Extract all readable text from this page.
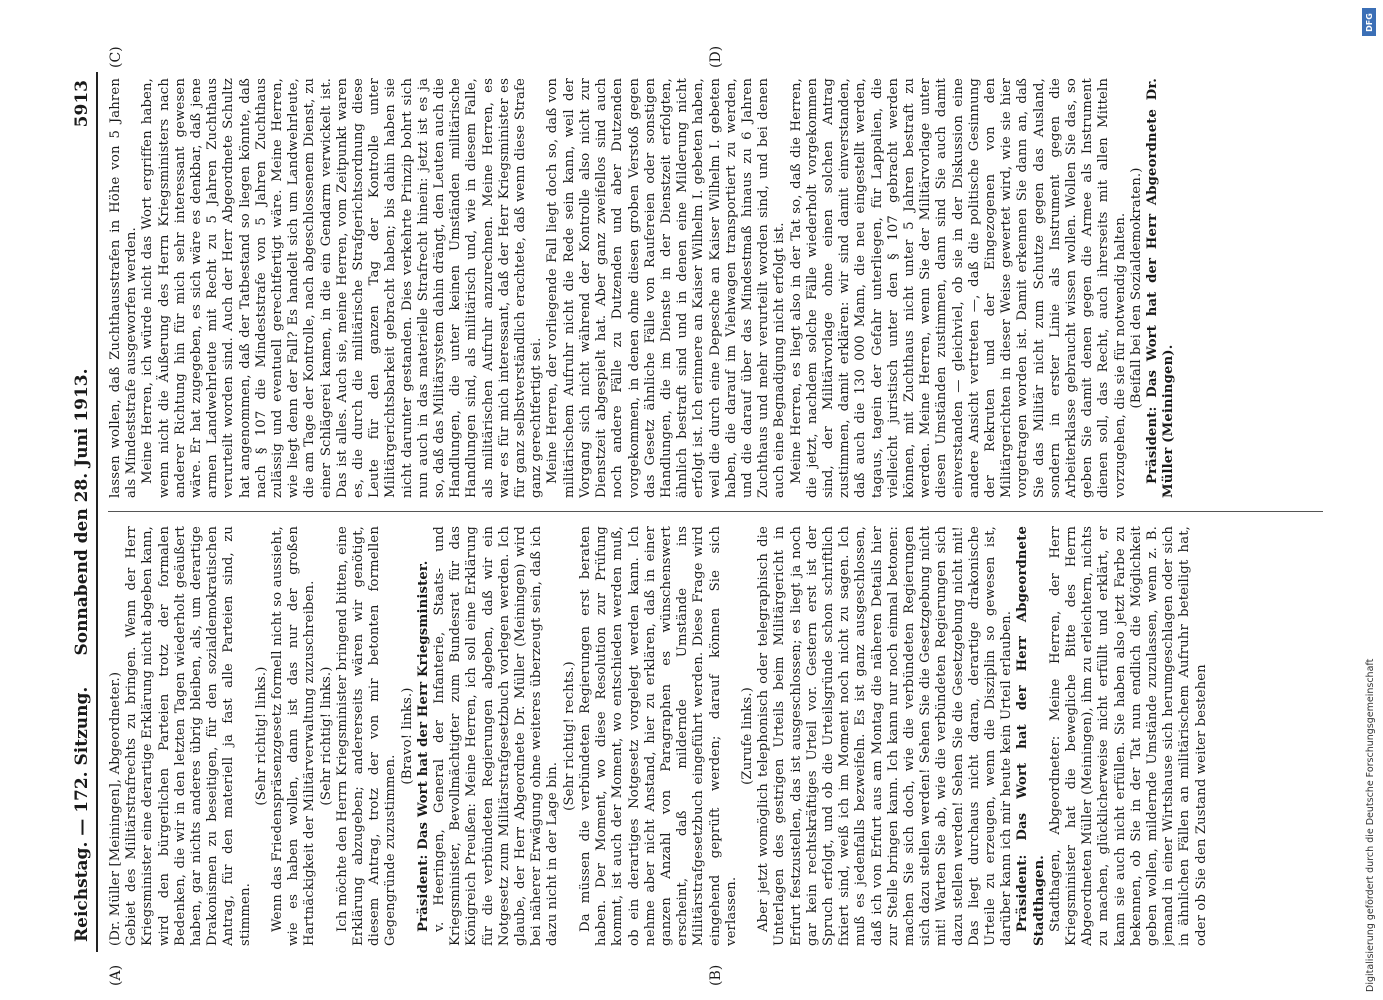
Reichstag. — 172. Sitzung.
Sonnabend den 28. Juni 1913.
5913
(A)	(B)
(C)	(D)

(Dr. Müller [Meiningen], Abgeordneter.) Gebiet des Militärstrafrechts zu bringen. Wenn der Herr Kriegsminister eine derartige Erklärung nicht abgeben kann, wird den bürgerlichen Parteien trotz der formalen Bedenken, die wir in den letzten Tagen wiederholt geäußert haben, gar nichts anderes übrig bleiben, als, um derartige Drakonismen zu beseitigen, für den sozialdemokratischen Antrag, für den materiell ja fast alle Parteien sind, zu stimmen.

(Sehr richtig! links.) Wenn das Friedenspräsenzgesetz formell nicht so aussieht, wie es haben wollen, dann ist das nur der großen Hartnäckigkeit der Militärverwaltung zuzuschreiben. (Sehr richtig! links.) Ich möchte den Herrn Kriegsminister bringend bitten, eine Erklärung abzugeben; andererseits wären wir genötigt, diesem Antrag, trotz der von mir betonten formellen Gegengründe zuzustimmen.

(Bravo! links.) Präsident: Das Wort hat der Herr Kriegsminister. v. Heeringen, General der Infanterie, Staats- und Kriegsminister, Bevollmächtigter zum Bundesrat für das Königreich Preußen: Meine Herren, ich soll eine Erklärung für die verbündeten Regierungen abgeben, daß wir ein Notgesetz zum Militärstrafgesetzbuch vorlegen werden. Ich glaube, der Herr Abgeordnete Dr. Müller (Meiningen) wird bei näherer Erwägung ohne weiteres überzeugt sein, daß ich dazu nicht in der Lage bin.

(Sehr richtig! rechts.) Da müssen die verbündeten Regierungen erst beraten haben. Der Moment, wo diese Resolution zur Prüfung kommt, ist auch der Moment, wo entschieden werden muß, ob ein derartiges Notgesetz vorgelegt werden kann. Ich nehme aber nicht Anstand, hier zu erklären, daß in einer ganzen Anzahl von Paragraphen es wünschenswert erscheint, daß mildernde Umstände ins Militärstrafgesetzbuch eingeführt werden. Diese Frage wird eingehend geprüft werden; darauf können Sie sich verlassen.

(Zurufe links.) Aber jetzt womöglich telephonisch oder telegraphisch die Unterlagen des gestrigen Urteils beim Militärgericht in Erfurt festzustellen, das ist ausgeschlossen; es liegt ja noch gar kein rechtskräftiges Urteil vor. Gestern erst ist der Spruch erfolgt, und ob die Urteilsgründe schon schriftlich fixiert sind, weiß ich im Moment noch nicht zu sagen. Ich muß es jedenfalls bezweifeln. Es ist ganz ausgeschlossen, daß ich von Erfurt aus am Montag die näheren Details hier zur Stelle bringen kann. Ich kann nur noch einmal betonen: machen Sie sich doch, wie die verbündeten Regierungen sich dazu stellen werden! Sehen Sie die Gesetzgebung nicht mit! Warten Sie ab, wie die verbündeten Regierungen sich dazu stellen werden! Sehen Sie die Gesetzgebung nicht mit! Das liegt durchaus nicht daran, derartige drakonische Urteile zu erzeugen, wenn die Disziplin so gewesen ist, darüber kann ich mir heute kein Urteil erlauben. Präsident: Das Wort hat der Herr Abgeordnete Stadthagen. Stadthagen, Abgeordneter: Meine Herren, der Herr Kriegsminister hat die bewegliche Bitte des Herrn Abgeordneten Müller (Meiningen), ihm zu erleichtern, nichts zu machen, glücklicherweise nicht erfüllt und erklärt, er kann sie auch nicht erfüllen. Sie haben also jetzt Farbe zu bekennen, ob Sie in der Tat nun endlich die Möglichkeit geben wollen, mildernde Umstände zuzulassen, wenn z. B. jemand in einer Wirtshause sich herumgeschlagen oder sich in ähnlichen Fällen an militärischem Aufruhr beteiligt hat, oder ob Sie den Zustand weiter bestehen

lassen wollen, daß Zuchthausstrafen in Höhe von 5 Jahren als Mindeststrafe ausgeworfen werden. Meine Herren, ich würde nicht das Wort ergriffen haben, wenn nicht die Äußerung des Herrn Kriegsministers nach anderer Richtung hin für mich sehr interessant gewesen wäre. Er hat zugegeben, es sich wäre es denkbar, daß jene armen Landwehrleute mit Recht zu 5 Jahren Zuchthaus verurteilt worden sind. Auch der Herr Abgeordnete Schultz hat angenommen, daß der Tatbestand so liegen könnte, daß nach § 107 die Mindeststrafe von 5 Jahren Zuchthaus zulässig und eventuell gerechtfertigt wäre. Meine Herren, wie liegt denn der Fall? Es handelt sich um Landwehrleute, die am Tage der Kontrolle, nach abgeschlossenem Dienst, zu einer Schlägerei kamen, in die ein Gendarm verwickelt ist. Das ist alles. Auch sie, meine Herren, vom Zeitpunkt waren es, die durch die militärische Strafgerichtsordnung diese Leute für den ganzen Tag der Kontrolle unter Militärgerichtsbarkeit gebracht haben; bis dahin haben sie nicht darunter gestanden. Dies verkehrte Prinzip bohrt sich nun auch in das materielle Strafrecht hinein: jetzt ist es ja so, daß das Militärsystem dahin drängt, den Leuten auch die Handlungen, die unter keinen Umständen militärische Handlungen sind, als militärisch und, wie in diesem Falle, als militärischen Aufruhr anzurechnen. Meine Herren, es war es für mich interessant, daß der Herr Kriegsminister es für ganz selbstverständlich erachtete, daß wenn diese Strafe ganz gerechtfertigt sei. Meine Herren, der vorliegende Fall liegt doch so, daß von militärischem Aufruhr nicht die Rede sein kann, weil der Vorgang sich nicht während der Kontrolle also nicht zur Dienstzeit abgespielt hat. Aber ganz zweifellos sind auch noch andere Fälle zu Dutzenden und aber Dutzenden vorgekommen, in denen ohne diesen groben Verstoß gegen das Gesetz ähnliche Fälle von Raufereien oder sonstigen Handlungen, die im Dienste in der Dienstzeit erfolgten, ähnlich bestraft sind und in denen eine Milderung nicht erfolgt ist. Ich erinnere an Kaiser Wilhelm I. gebeten haben, weil die durch eine Depesche an Kaiser Wilhelm I. gebeten haben, die darauf im Viehwagen transportiert zu werden, und die darauf über das Mindestmaß hinaus zu 6 Jahren Zuchthaus und mehr verurteilt worden sind, und bei denen auch eine Begnadigung nicht erfolgt ist. Meine Herren, es liegt also in der Tat so, daß die Herren, die jetzt, nachdem solche Fälle wiederholt vorgekommen sind, der Militärvorlage ohne einen solchen Antrag zustimmen, damit erklären: wir sind damit einverstanden, daß auch die 130 000 Mann, die neu eingestellt werden, tagaus, tagein der Gefahr unterliegen, für Lappalien, die vielleicht juristisch unter den § 107 gebracht werden können, mit Zuchthaus nicht unter 5 Jahren bestraft zu werden. Meine Herren, wenn Sie der Militärvorlage unter diesen Umständen zustimmen, dann sind Sie auch damit einverstanden — gleichviel, ob sie in der Diskussion eine andere Ansicht vertreten —, daß die politische Gesinnung der Rekruten und der Eingezogenen von den Militärgerichten in dieser Weise gewertet wird, wie sie hier vorgetragen worden ist. Damit erkennen Sie dann an, daß Sie das Militär nicht zum Schutze gegen das Ausland, sondern in erster Linie als Instrument gegen die Arbeiterklasse gebraucht wissen wollen. Wollen Sie das, so geben Sie damit denen gegen die Armee als Instrument dienen soll, das Recht, auch ihrerseits mit allen Mitteln vorzugehen, die sie für notwendig halten. (Beifall bei den Sozialdemokraten.) Präsident: Das Wort hat der Herr Abgeordnete Dr. Müller (Meiningen).

DFG
Digitalisierung gefördert durch die Deutsche Forschungsgemeinschaft
